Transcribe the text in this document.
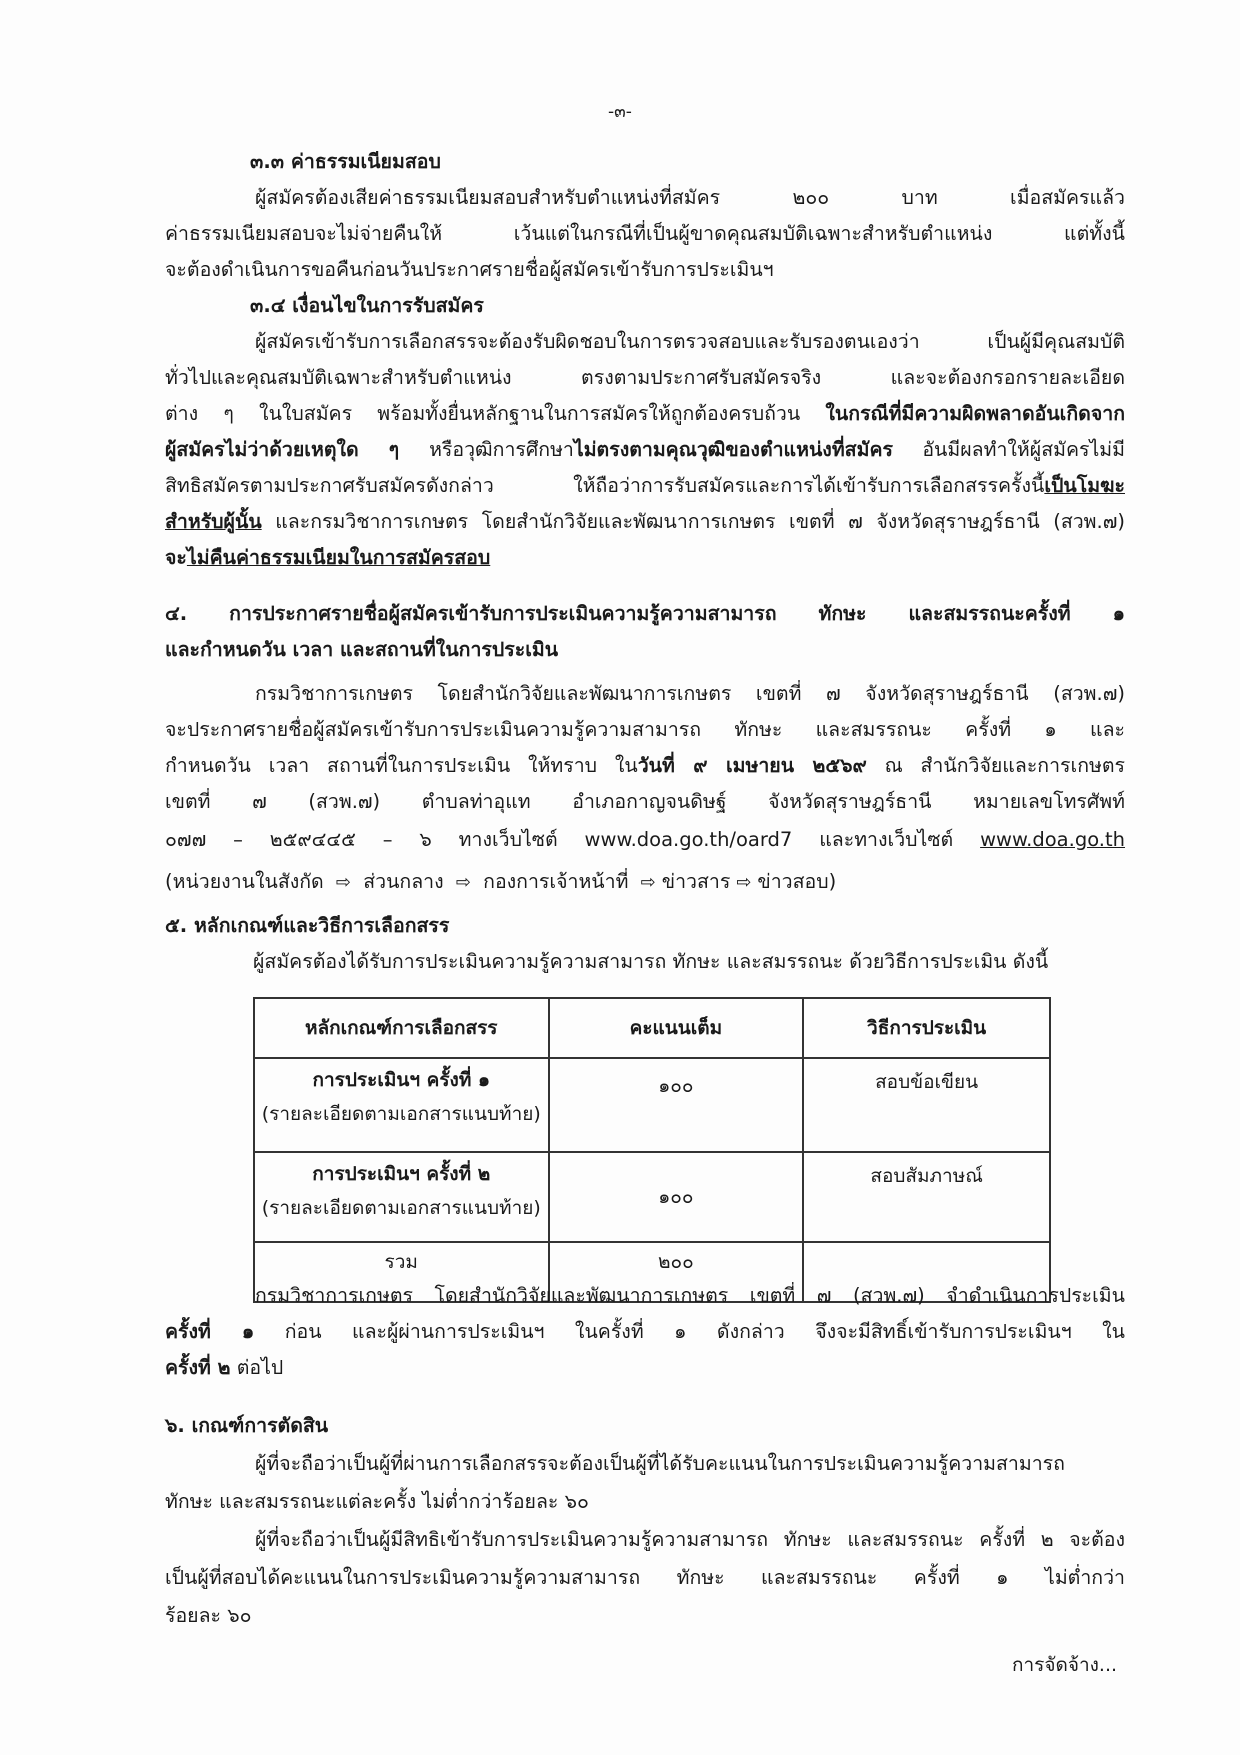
-๓-
๓.๓ ค่าธรรมเนียมสอบ
ผู้สมัครต้องเสียค่าธรรมเนียมสอบสำหรับตำแหน่งที่สมัคร ๒๐๐ บาท เมื่อสมัครแล้ว
ค่าธรรมเนียมสอบจะไม่จ่ายคืนให้ เว้นแต่ในกรณีที่เป็นผู้ขาดคุณสมบัติเฉพาะสำหรับตำแหน่ง แต่ทั้งนี้
จะต้องดำเนินการขอคืนก่อนวันประกาศรายชื่อผู้สมัครเข้ารับการประเมินฯ
๓.๔ เงื่อนไขในการรับสมัคร
ผู้สมัครเข้ารับการเลือกสรรจะต้องรับผิดชอบในการตรวจสอบและรับรองตนเองว่า เป็นผู้มีคุณสมบัติ
ทั่วไปและคุณสมบัติเฉพาะสำหรับตำแหน่ง ตรงตามประกาศรับสมัครจริง และจะต้องกรอกรายละเอียด
ต่าง ๆ ในใบสมัคร พร้อมทั้งยื่นหลักฐานในการสมัครให้ถูกต้องครบถ้วน ในกรณีที่มีความผิดพลาดอันเกิดจาก
ผู้สมัครไม่ว่าด้วยเหตุใด ๆ หรือวุฒิการศึกษาไม่ตรงตามคุณวุฒิของตำแหน่งที่สมัคร อันมีผลทำให้ผู้สมัครไม่มี
สิทธิสมัครตามประกาศรับสมัครดังกล่าว ให้ถือว่าการรับสมัครและการได้เข้ารับการเลือกสรรครั้งนี้เป็นโมฆะ
สำหรับผู้นั้น และกรมวิชาการเกษตร โดยสำนักวิจัยและพัฒนาการเกษตร เขตที่ ๗ จังหวัดสุราษฎร์ธานี (สวพ.๗)
จะไม่คืนค่าธรรมเนียมในการสมัครสอบ
๔. การประกาศรายชื่อผู้สมัครเข้ารับการประเมินความรู้ความสามารถ ทักษะ และสมรรถนะครั้งที่ ๑
และกำหนดวัน เวลา และสถานที่ในการประเมิน
กรมวิชาการเกษตร โดยสำนักวิจัยและพัฒนาการเกษตร เขตที่ ๗ จังหวัดสุราษฎร์ธานี (สวพ.๗)
จะประกาศรายชื่อผู้สมัครเข้ารับการประเมินความรู้ความสามารถ ทักษะ และสมรรถนะ ครั้งที่ ๑ และ
กำหนดวัน เวลา สถานที่ในการประเมิน ให้ทราบ ในวันที่ ๙ เมษายน ๒๕๖๙ ณ สำนักวิจัยและการเกษตร
เขตที่ ๗ (สวพ.๗) ตำบลท่าอุแท อำเภอกาญจนดิษฐ์ จังหวัดสุราษฎร์ธานี หมายเลขโทรศัพท์
๐๗๗ – ๒๕๙๔๔๕ – ๖ ทางเว็บไซต์ www.doa.go.th/oard7 และทางเว็บไซต์ www.doa.go.th
(หน่วยงานในสังกัด ⇨ ส่วนกลาง ⇨ กองการเจ้าหน้าที่ ⇨ ข่าวสาร ⇨ ข่าวสอบ)
๕. หลักเกณฑ์และวิธีการเลือกสรร
ผู้สมัครต้องได้รับการประเมินความรู้ความสามารถ ทักษะ และสมรรถนะ ด้วยวิธีการประเมิน ดังนี้
หลักเกณฑ์การเลือกสรร	คะแนนเต็ม	วิธีการประเมิน

การประเมินฯ ครั้งที่ ๑
(รายละเอียดตามเอกสารแนบท้าย)	๑๐๐	สอบข้อเขียน

การประเมินฯ ครั้งที่ ๒
(รายละเอียดตามเอกสารแนบท้าย)	๑๐๐	สอบสัมภาษณ์
รวม	๒๐๐	
กรมวิชาการเกษตร โดยสำนักวิจัยและพัฒนาการเกษตร เขตที่ ๗ (สวพ.๗) จำดำเนินการประเมิน
ครั้งที่ ๑ ก่อน และผู้ผ่านการประเมินฯ ในครั้งที่ ๑ ดังกล่าว จึงจะมีสิทธิ์เข้ารับการประเมินฯ ใน
ครั้งที่ ๒ ต่อไป
๖. เกณฑ์การตัดสิน
ผู้ที่จะถือว่าเป็นผู้ที่ผ่านการเลือกสรรจะต้องเป็นผู้ที่ได้รับคะแนนในการประเมินความรู้ความสามารถ
ทักษะ และสมรรถนะแต่ละครั้ง ไม่ต่ำกว่าร้อยละ ๖๐
ผู้ที่จะถือว่าเป็นผู้มีสิทธิเข้ารับการประเมินความรู้ความสามารถ ทักษะ และสมรรถนะ ครั้งที่ ๒ จะต้อง
เป็นผู้ที่สอบได้คะแนนในการประเมินความรู้ความสามารถ ทักษะ และสมรรถนะ ครั้งที่ ๑ ไม่ต่ำกว่า
ร้อยละ ๖๐
การจัดจ้าง...
